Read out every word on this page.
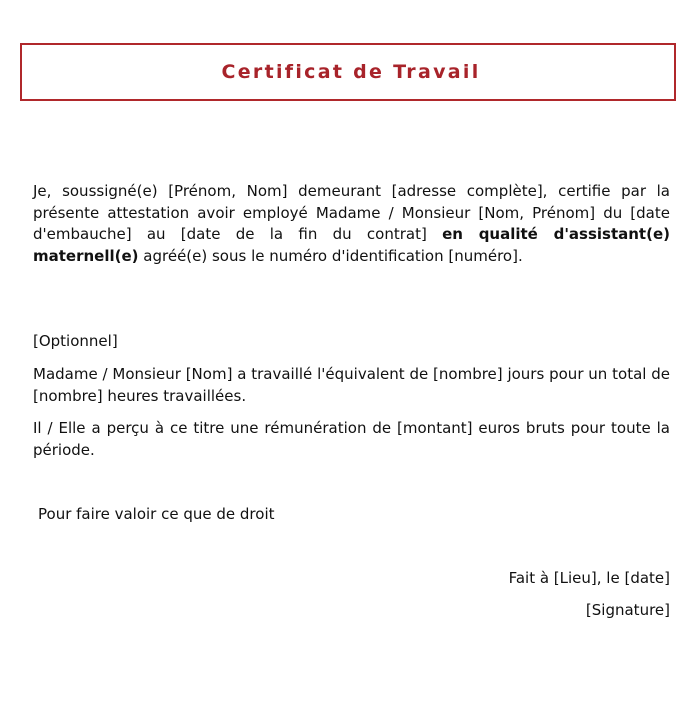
Certificat de Travail

Je, soussigné(e) [Prénom, Nom] demeurant [adresse complète], certifie par la présente attestation avoir employé Madame / Monsieur [Nom, Prénom] du [date d'embauche] au [date de la fin du contrat] en qualité d'assistant(e) maternell(e) agréé(e) sous le numéro d'identification [numéro].

[Optionnel]

Madame / Monsieur [Nom] a travaillé l'équivalent de [nombre] jours pour un total de [nombre] heures travaillées.

Il / Elle a perçu à ce titre une rémunération de [montant] euros bruts pour toute la période.

Pour faire valoir ce que de droit

Fait à [Lieu], le [date]

[Signature]
